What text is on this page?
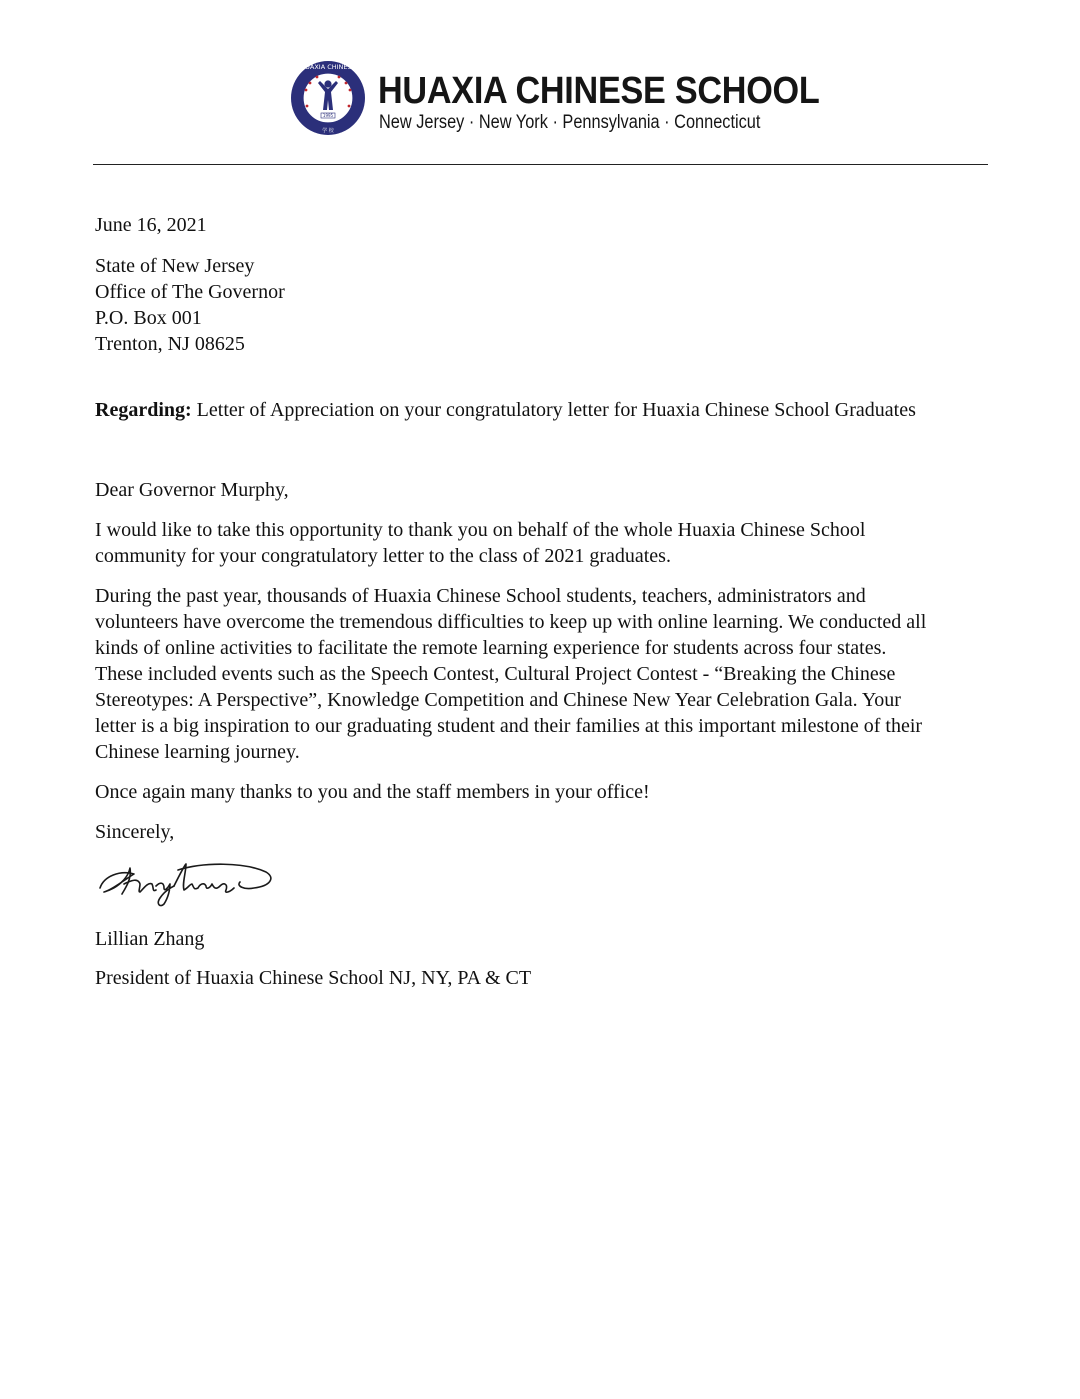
HUAXIA CHINESE
学 校
1995
HUAXIA CHINESE SCHOOL
New Jersey · New York · Pennsylvania · Connecticut

June 16, 2021

State of New Jersey

Office of The Governor

P.O. Box 001

Trenton, NJ 08625

Regarding: Letter of Appreciation on your congratulatory letter for Huaxia Chinese School Graduates

Dear Governor Murphy,

I would like to take this opportunity to thank you on behalf of the whole Huaxia Chinese School

community for your congratulatory letter to the class of 2021 graduates.

During the past year, thousands of Huaxia Chinese School students, teachers, administrators and

volunteers have overcome the tremendous difficulties to keep up with online learning. We conducted all

kinds of online activities to facilitate the remote learning experience for students across four states.

These included events such as the Speech Contest, Cultural Project Contest - “Breaking the Chinese

Stereotypes: A Perspective”, Knowledge Competition and Chinese New Year Celebration Gala. Your

letter is a big inspiration to our graduating student and their families at this important milestone of their

Chinese learning journey.

Once again many thanks to you and the staff members in your office!

Sincerely,

Lillian Zhang

President of Huaxia Chinese School NJ, NY, PA & CT
